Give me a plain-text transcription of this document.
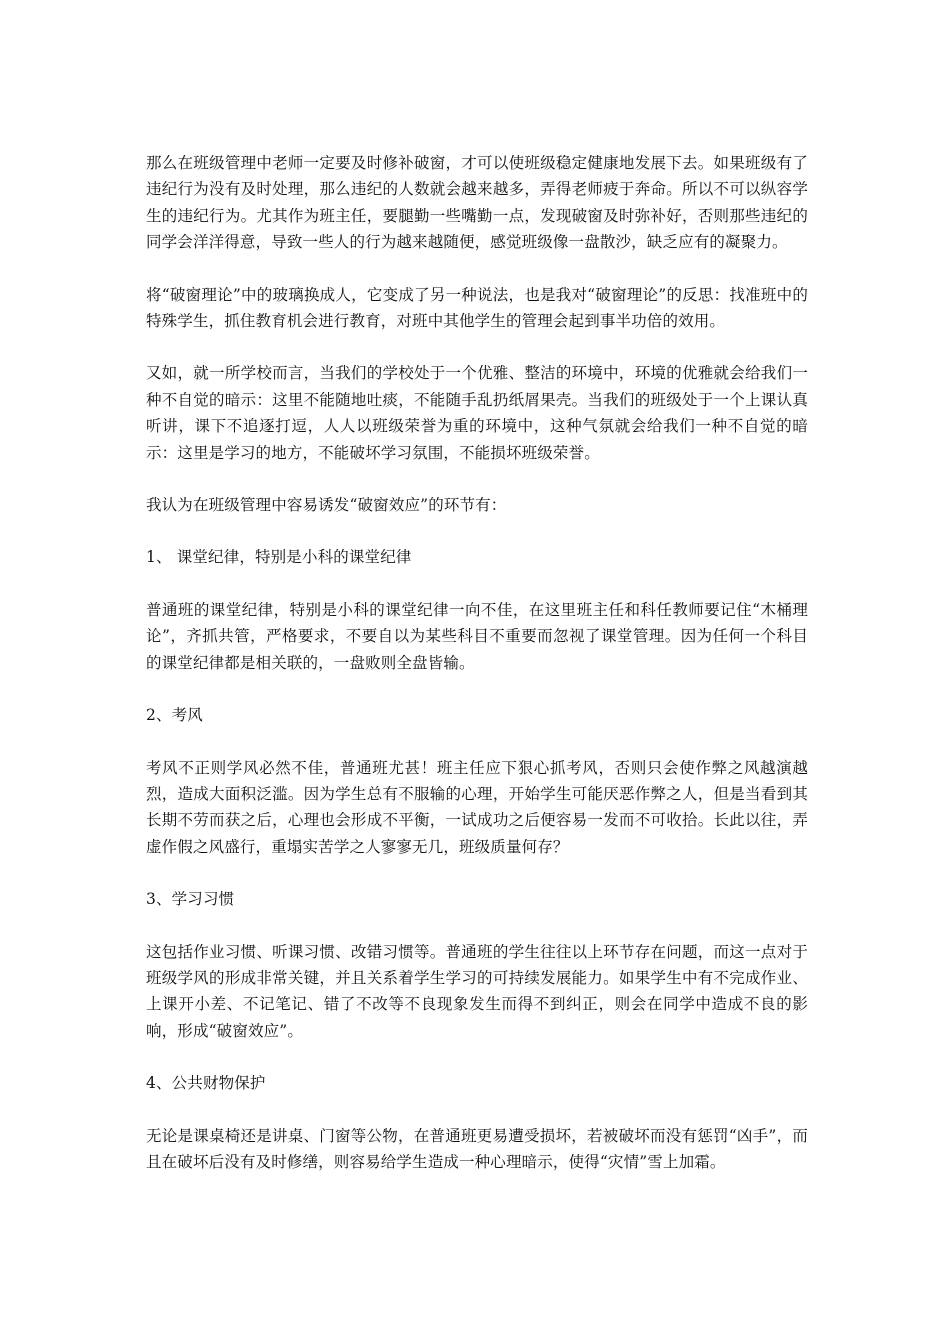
那么在班级管理中老师一定要及时修补破窗，才可以使班级稳定健康地发展下去。如果班级有了违纪行为没有及时处理，那么违纪的人数就会越来越多，弄得老师疲于奔命。所以不可以纵容学生的违纪行为。尤其作为班主任，要腿勤一些嘴勤一点，发现破窗及时弥补好，否则那些违纪的同学会洋洋得意，导致一些人的行为越来越随便，感觉班级像一盘散沙，缺乏应有的凝聚力。

将“破窗理论”中的玻璃换成人，它变成了另一种说法，也是我对“破窗理论”的反思：找准班中的特殊学生，抓住教育机会进行教育，对班中其他学生的管理会起到事半功倍的效用。

又如，就一所学校而言，当我们的学校处于一个优雅、整洁的环境中，环境的优雅就会给我们一种不自觉的暗示：这里不能随地吐痰，不能随手乱扔纸屑果壳。当我们的班级处于一个上课认真听讲，课下不追逐打逗，人人以班级荣誉为重的环境中，这种气氛就会给我们一种不自觉的暗示：这里是学习的地方，不能破坏学习氛围，不能损坏班级荣誉。

我认为在班级管理中容易诱发“破窗效应”的环节有：

1、 课堂纪律，特别是小科的课堂纪律

普通班的课堂纪律，特别是小科的课堂纪律一向不佳，在这里班主任和科任教师要记住“木桶理论”，齐抓共管，严格要求，不要自以为某些科目不重要而忽视了课堂管理。因为任何一个科目的课堂纪律都是相关联的，一盘败则全盘皆输。

2、考风

考风不正则学风必然不佳，普通班尤甚！班主任应下狠心抓考风，否则只会使作弊之风越演越烈，造成大面积泛滥。因为学生总有不服输的心理，开始学生可能厌恶作弊之人，但是当看到其长期不劳而获之后，心理也会形成不平衡，一试成功之后便容易一发而不可收拾。长此以往，弄虚作假之风盛行，重塌实苦学之人寥寥无几，班级质量何存？

3、学习习惯

这包括作业习惯、听课习惯、改错习惯等。普通班的学生往往以上环节存在问题，而这一点对于班级学风的形成非常关键，并且关系着学生学习的可持续发展能力。如果学生中有不完成作业、上课开小差、不记笔记、错了不改等不良现象发生而得不到纠正，则会在同学中造成不良的影响，形成“破窗效应”。

4、公共财物保护

无论是课桌椅还是讲桌、门窗等公物，在普通班更易遭受损坏，若被破坏而没有惩罚“凶手”，而且在破坏后没有及时修缮，则容易给学生造成一种心理暗示，使得“灾情”雪上加霜。
